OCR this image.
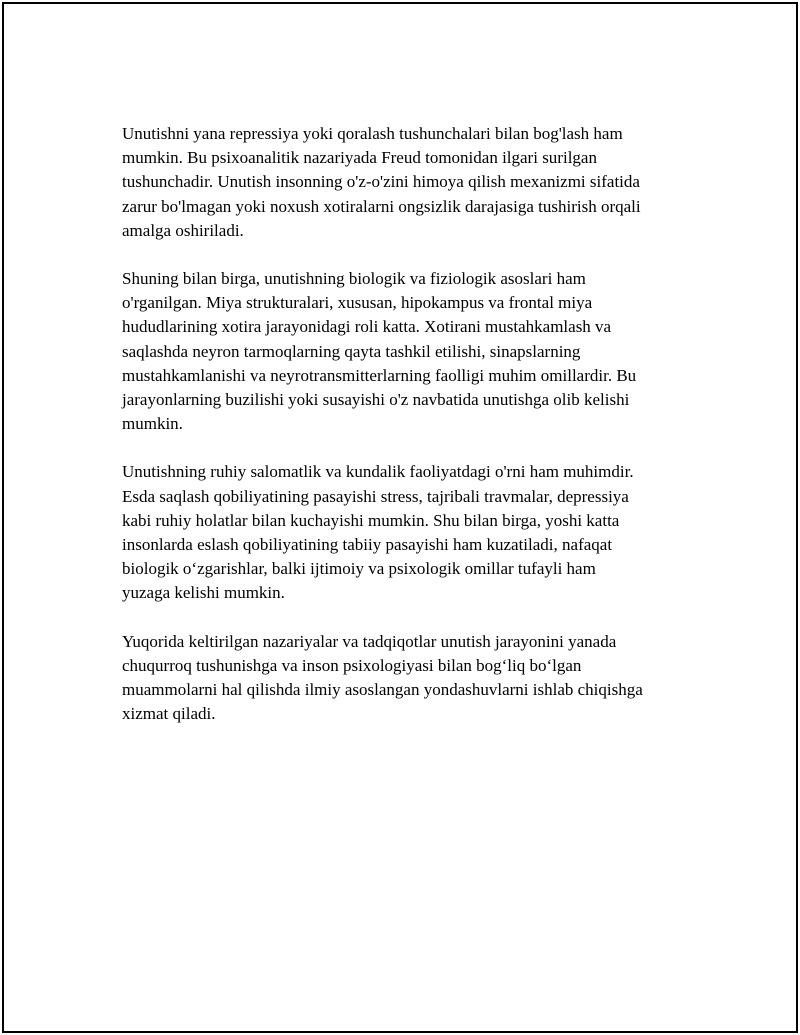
Unutishni yana repressiya yoki qoralash tushunchalari bilan bog'lash ham
mumkin. Bu psixoanalitik nazariyada Freud tomonidan ilgari surilgan
tushunchadir. Unutish insonning o'z-o'zini himoya qilish mexanizmi sifatida
zarur bo'lmagan yoki noxush xotiralarni ongsizlik darajasiga tushirish orqali
amalga oshiriladi.

Shuning bilan birga, unutishning biologik va fiziologik asoslari ham
o'rganilgan. Miya strukturalari, xususan, hipokampus va frontal miya
hududlarining xotira jarayonidagi roli katta. Xotirani mustahkamlash va
saqlashda neyron tarmoqlarning qayta tashkil etilishi, sinapslarning
mustahkamlanishi va neyrotransmitterlarning faolligi muhim omillardir. Bu
jarayonlarning buzilishi yoki susayishi o'z navbatida unutishga olib kelishi
mumkin.

Unutishning ruhiy salomatlik va kundalik faoliyatdagi o'rni ham muhimdir.
Esda saqlash qobiliyatining pasayishi stress, tajribali travmalar, depressiya
kabi ruhiy holatlar bilan kuchayishi mumkin. Shu bilan birga, yoshi katta
insonlarda eslash qobiliyatining tabiiy pasayishi ham kuzatiladi, nafaqat
biologik o‘zgarishlar, balki ijtimoiy va psixologik omillar tufayli ham
yuzaga kelishi mumkin.

Yuqorida keltirilgan nazariyalar va tadqiqotlar unutish jarayonini yanada
chuqurroq tushunishga va inson psixologiyasi bilan bog‘liq bo‘lgan
muammolarni hal qilishda ilmiy asoslangan yondashuvlarni ishlab chiqishga
xizmat qiladi.
